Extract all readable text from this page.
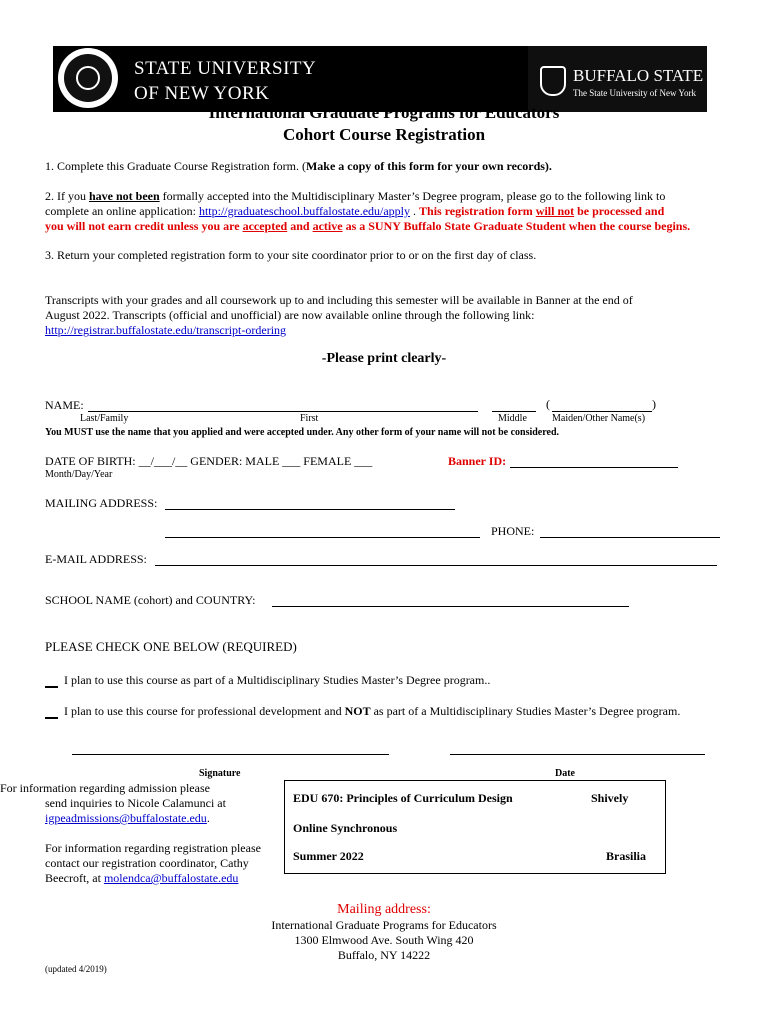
STATE UNIVERSITY
OF NEW YORK
BUFFALO STATE
The State University of New York
International Graduate Programs for Educators
Cohort Course Registration
1. Complete this Graduate Course Registration form. (Make a copy of this form for your own records).
2. If you have not been formally accepted into the Multidisciplinary Master’s Degree program, please go to the following link to
complete an online application: http://graduateschool.buffalostate.edu/apply . This registration form will not be processed and
you will not earn credit unless you are accepted and active as a SUNY Buffalo State Graduate Student when the course begins.
3. Return your completed registration form to your site coordinator prior to or on the first day of class.
Transcripts with your grades and all coursework up to and including this semester will be available in Banner at the end of
August 2022. Transcripts (official and unofficial) are now available online through the following link:
http://registrar.buffalostate.edu/transcript-ordering
-Please print clearly-
NAME:	(	)
Last/Family	First	Middle	Maiden/Other Name(s)
You MUST use the name that you applied and were accepted under. Any other form of your name will not be considered.
DATE OF BIRTH: __/___/__ GENDER: MALE ___ FEMALE ___
Month/Day/Year
Banner ID:
MAILING ADDRESS:
PHONE:
E-MAIL ADDRESS:
SCHOOL NAME (cohort) and COUNTRY:
PLEASE CHECK ONE BELOW (REQUIRED)
I plan to use this course as part of a Multidisciplinary Studies Master’s Degree program..
I plan to use this course for professional development and NOT as part of a Multidisciplinary Studies Master’s Degree program.
Signature	Date
For information regarding admission please
send inquiries to Nicole Calamunci at
igpeadmissions@buffalostate.edu.
For information regarding registration please
contact our registration coordinator, Cathy
Beecroft, at molendca@buffalostate.edu
EDU 670: Principles of Curriculum Design	Shively
Online Synchronous
Summer 2022	Brasilia
Mailing address:
International Graduate Programs for Educators
1300 Elmwood Ave. South Wing 420
Buffalo, NY 14222
(updated 4/2019)
